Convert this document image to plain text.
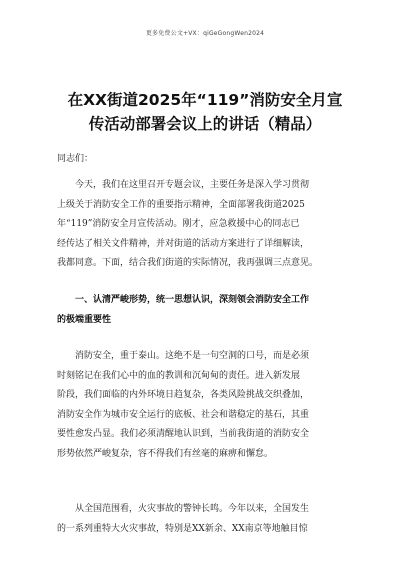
更多免费公文+VX：qiGeGongWen2024
在XX街道2025年“119”消防安全月宣
传活动部署会议上的讲话（精品）
同志们：
今天，我们在这里召开专题会议，主要任务是深入学习贯彻
上级关于消防安全工作的重要指示精神，全面部署我街道2025
年“119”消防安全月宣传活动。刚才，应急救援中心的同志已
经传达了相关文件精神，并对街道的活动方案进行了详细解读，
我都同意。下面，结合我们街道的实际情况，我再强调三点意见。
一、认清严峻形势，统一思想认识，深刻领会消防安全工作
的极端重要性
消防安全，重于泰山。这绝不是一句空洞的口号，而是必须
时刻铭记在我们心中的血的教训和沉甸甸的责任。进入新发展
阶段，我们面临的内外环境日趋复杂，各类风险挑战交织叠加，
消防安全作为城市安全运行的底板、社会和谐稳定的基石，其重
要性愈发凸显。我们必须清醒地认识到，当前我街道的消防安全
形势依然严峻复杂，容不得我们有丝毫的麻痹和懈怠。
从全国范围看，火灾事故的警钟长鸣。今年以来，全国发生
的一系列重特大火灾事故，特别是XX新余、XX南京等地触目惊
